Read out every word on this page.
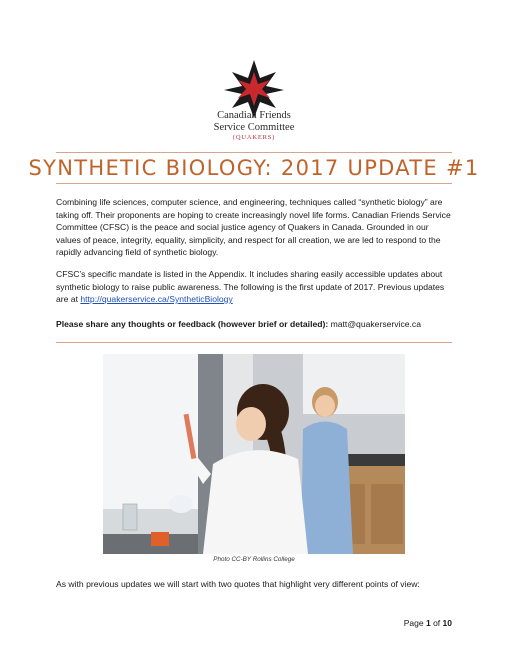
Canadian Friends
Service Committee
(QUAKERS)
SYNTHETIC BIOLOGY: 2017 UPDATE #1
Combining life sciences, computer science, and engineering, techniques called “synthetic biology” are taking off. Their proponents are hoping to create increasingly novel life forms. Canadian Friends Service Committee (CFSC) is the peace and social justice agency of Quakers in Canada. Grounded in our values of peace, integrity, equality, simplicity, and respect for all creation, we are led to respond to the rapidly advancing field of synthetic biology.
CFSC’s specific mandate is listed in the Appendix. It includes sharing easily accessible updates about synthetic biology to raise public awareness. The following is the first update of 2017. Previous updates are at http://quakerservice.ca/SyntheticBiology
Please share any thoughts or feedback (however brief or detailed): matt@quakerservice.ca
Photo CC-BY Rollins College
As with previous updates we will start with two quotes that highlight very different points of view:
Page 1 of 10
